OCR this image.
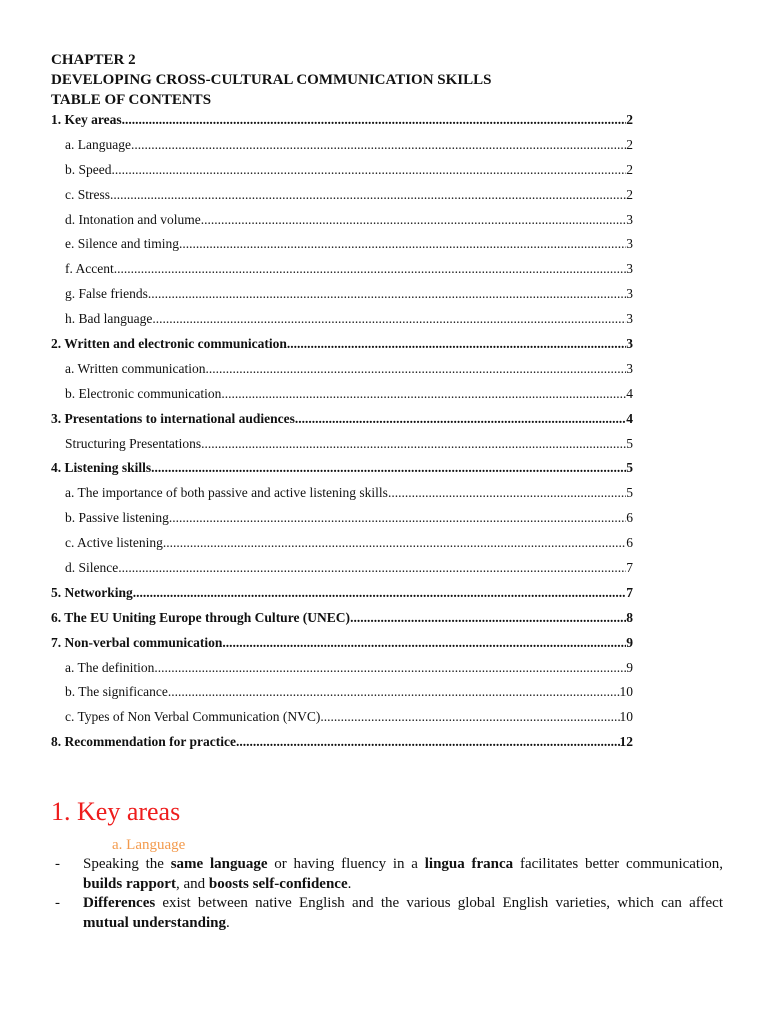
CHAPTER 2
DEVELOPING CROSS-CULTURAL COMMUNICATION SKILLS
TABLE OF CONTENTS
1. Key areas .....	2
a. Language .....	2
b. Speed .....	2
c. Stress .....	2
d. Intonation and volume .....	3
e. Silence and timing .....	3
f. Accent .....	3
g. False friends .....	3
h. Bad language .....	3
2. Written and electronic communication .....	3
a. Written communication .....	3
b. Electronic communication .....	4
3. Presentations to international audiences .....	4
Structuring Presentations .....	5
4. Listening skills .....	5
a. The importance of both passive and active listening skills .....	5
b. Passive listening .....	6
c. Active listening .....	6
d. Silence .....	7
5. Networking .....	7
6. The EU Uniting Europe through Culture (UNEC) .....	8
7. Non-verbal communication .....	9
a. The definition .....	9
b. The significance .....	10
c. Types of Non Verbal Communication (NVC) .....	10
8. Recommendation for practice .....	12
1. Key areas
a. Language
-	Speaking the same language or having fluency in a lingua franca facilitates better communication, builds rapport, and boosts self-confidence.
-	Differences exist between native English and the various global English varieties, which can affect mutual understanding.
